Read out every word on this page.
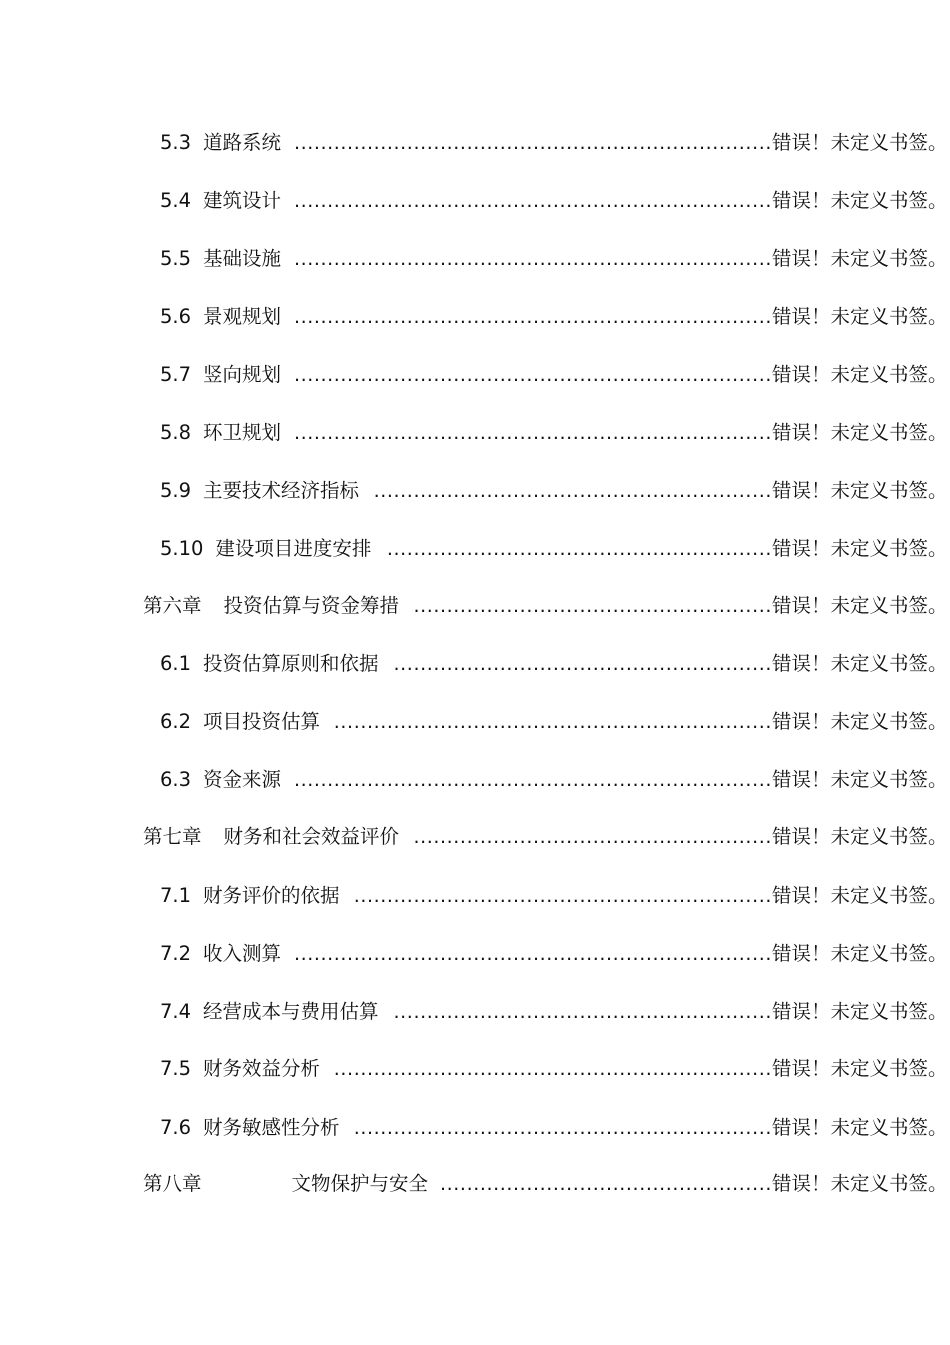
5.3 道路系统 .....	错误！未定义书签。
5.4 建筑设计 .....	错误！未定义书签。
5.5 基础设施 .....	错误！未定义书签。
5.6 景观规划 .....	错误！未定义书签。
5.7 竖向规划 .....	错误！未定义书签。
5.8 环卫规划 .....	错误！未定义书签。
5.9 主要技术经济指标 .....	错误！未定义书签。
5.10 建设项目进度安排 .....	错误！未定义书签。
第六章 投资估算与资金筹措 .....	错误！未定义书签。
6.1 投资估算原则和依据 .....	错误！未定义书签。
6.2 项目投资估算 .....	错误！未定义书签。
6.3 资金来源 .....	错误！未定义书签。
第七章 财务和社会效益评价 .....	错误！未定义书签。
7.1 财务评价的依据 .....	错误！未定义书签。
7.2 收入测算 .....	错误！未定义书签。
7.4 经营成本与费用估算 .....	错误！未定义书签。
7.5 财务效益分析 .....	错误！未定义书签。
7.6 财务敏感性分析 .....	错误！未定义书签。
第八章	文物保护与安全 .....	错误！未定义书签。
